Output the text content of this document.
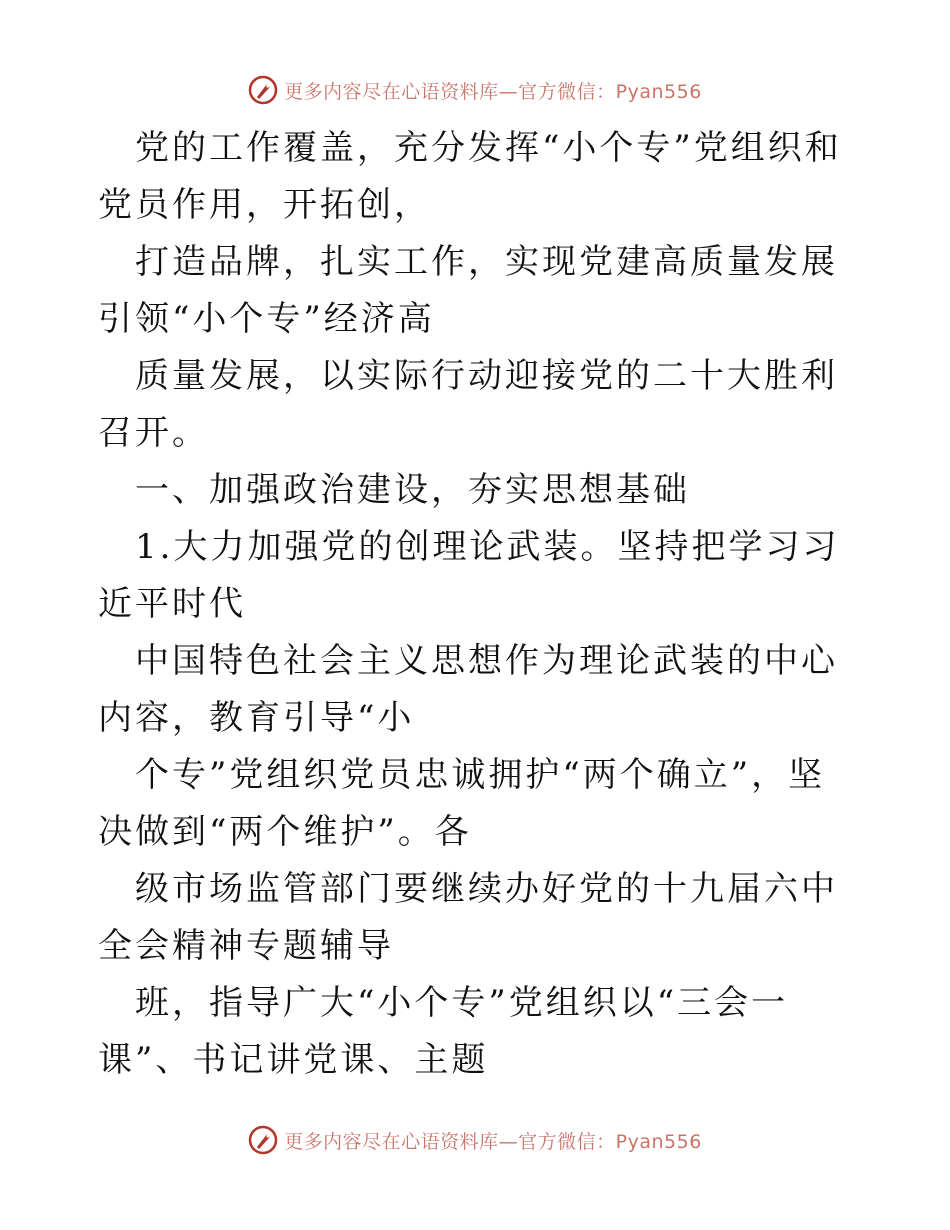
更多内容尽在心语资料库—官方微信：Pyan556

党的工作覆盖，充分发挥“小个专”党组织和党员作用，开拓创，

打造品牌，扎实工作，实现党建高质量发展引领“小个专”经济高

质量发展，以实际行动迎接党的二十大胜利召开。

一、加强政治建设，夯实思想基础

1.大力加强党的创理论武装。坚持把学习习近平时代

中国特色社会主义思想作为理论武装的中心内容，教育引导“小

个专”党组织党员忠诚拥护“两个确立”，坚决做到“两个维护”。各

级市场监管部门要继续办好党的十九届六中全会精神专题辅导

班，指导广大“小个专”党组织以“三会一课”、书记讲党课、主题

更多内容尽在心语资料库—官方微信：Pyan556
